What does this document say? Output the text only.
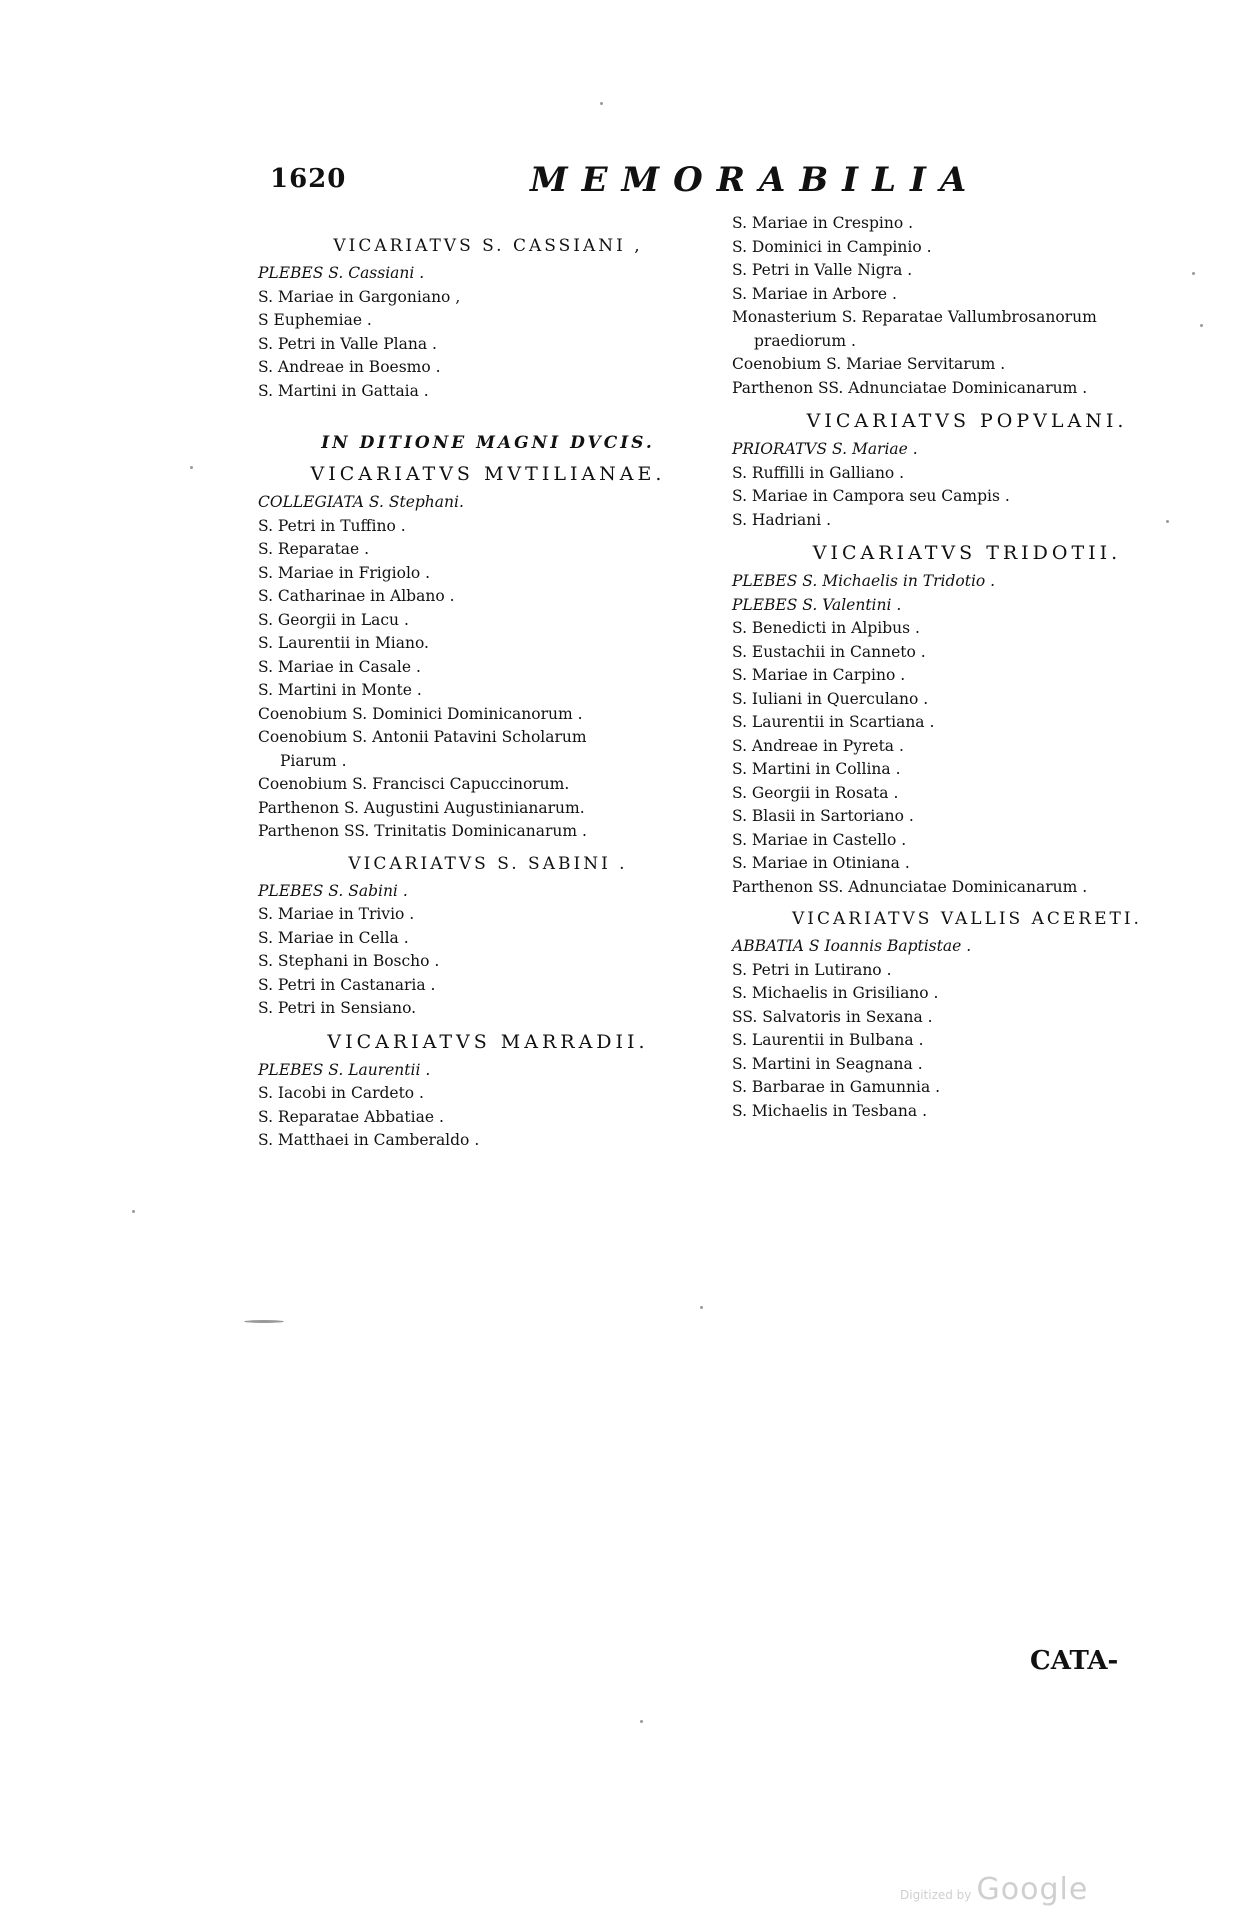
1620	MEMORABILIA
VICARIATVS S. CASSIANI ,
PLEBES S. Cassiani .
S. Mariae in Gargoniano ,
S Euphemiae .
S. Petri in Valle Plana .
S. Andreae in Boesmo .
S. Martini in Gattaia .
IN DITIONE MAGNI DVCIS.
VICARIATVS MVTILIANAE.
COLLEGIATA S. Stephani.
S. Petri in Tuffino .
S. Reparatae .
S. Mariae in Frigiolo .
S. Catharinae in Albano .
S. Georgii in Lacu .
S. Laurentii in Miano.
S. Mariae in Casale .
S. Martini in Monte .
Coenobium S. Dominici Dominicanorum .
Coenobium S. Antonii Patavini Scholarum
Piarum .
Coenobium S. Francisci Capuccinorum.
Parthenon S. Augustini Augustinianarum.
Parthenon SS. Trinitatis Dominicanarum .
VICARIATVS S. SABINI .
PLEBES S. Sabini .
S. Mariae in Trivio .
S. Mariae in Cella .
S. Stephani in Boscho .
S. Petri in Castanaria .
S. Petri in Sensiano.
VICARIATVS MARRADII.
PLEBES S. Laurentii .
S. Iacobi in Cardeto .
S. Reparatae Abbatiae .
S. Matthaei in Camberaldo .
S. Mariae in Crespino .
S. Dominici in Campinio .
S. Petri in Valle Nigra .
S. Mariae in Arbore .
Monasterium S. Reparatae Vallumbrosanorum
praediorum .
Coenobium S. Mariae Servitarum .
Parthenon SS. Adnunciatae Dominicanarum .
VICARIATVS POPVLANI.
PRIORATVS S. Mariae .
S. Ruffilli in Galliano .
S. Mariae in Campora seu Campis .
S. Hadriani .
VICARIATVS TRIDOTII.
PLEBES S. Michaelis in Tridotio .
PLEBES S. Valentini .
S. Benedicti in Alpibus .
S. Eustachii in Canneto .
S. Mariae in Carpino .
S. Iuliani in Querculano .
S. Laurentii in Scartiana .
S. Andreae in Pyreta .
S. Martini in Collina .
S. Georgii in Rosata .
S. Blasii in Sartoriano .
S. Mariae in Castello .
S. Mariae in Otiniana .
Parthenon SS. Adnunciatae Dominicanarum .
VICARIATVS VALLIS ACERETI.
ABBATIA S Ioannis Baptistae .
S. Petri in Lutirano .
S. Michaelis in Grisiliano .
SS. Salvatoris in Sexana .
S. Laurentii in Bulbana .
S. Martini in Seagnana .
S. Barbarae in Gamunnia .
S. Michaelis in Tesbana .
CATA-
Digitized by Google
